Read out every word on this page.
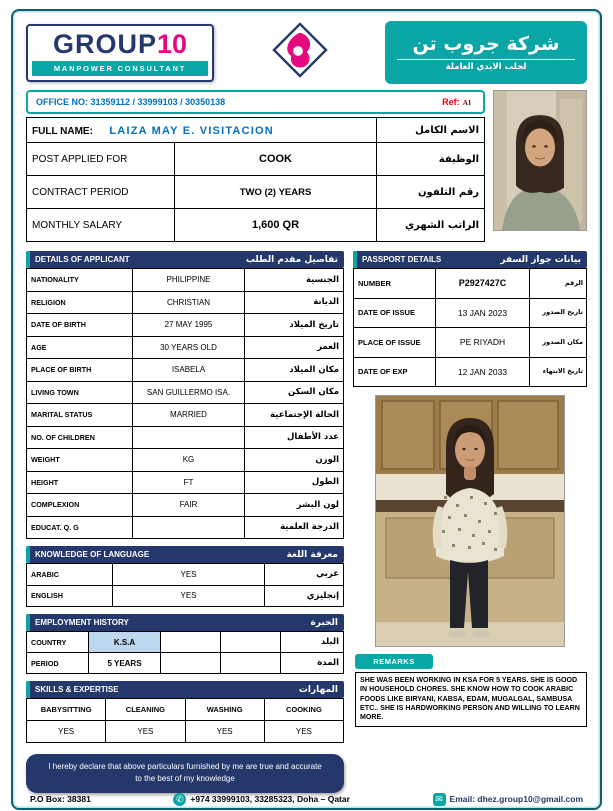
GROUP10
MANPOWER CONSULTANT
شركة جروب تن
لجلب الايدي العاملة
OFFICE NO: 31359112 / 33999103 / 30350138	Ref: AI
FULL NAME: LAIZA MAY E. VISITACION		الاسم الكامل
POST APPLIED FOR	COOK	الوظيفة
CONTRACT PERIOD	TWO (2) YEARS	رقم التلفون
MONTHLY SALARY	1,600 QR	الراتب الشهري
DETAILS OF APPLICANT	تفاصيل مقدم الطلب
NATIONALITY	PHILIPPINE	الجنسية
RELIGION	CHRISTIAN	الديانة
DATE OF BIRTH	27 MAY 1995	تاريخ الميلاد
AGE	30 YEARS OLD	العمر
PLACE OF BIRTH	ISABELA	مكان الميلاد
LIVING TOWN	SAN GUILLERMO ISA.	مكان السكن
MARITAL STATUS	MARRIED	الحالة الإجتماعية
NO. OF CHILDREN		عدد الأطفال
WEIGHT	KG	الوزن
HEIGHT	FT	الطول
COMPLEXION	FAIR	لون البشر
EDUCAT. Q. G		الدرجة العلمية
KNOWLEDGE OF LANGUAGE	معرفة اللغة
ARABIC	YES	عربي
ENGLISH	YES	إنجليزي
EMPLOYMENT HISTORY	الخبرة
COUNTRY	K.S.A			البلد
PERIOD	5 YEARS			المدة
SKILLS & EXPERTISE	المهارات
BABYSITTING	CLEANING	WASHING	COOKING
YES	YES	YES	YES
I hereby declare that above particulars furnished by me are true and accurate to the best of my knowledge
PASSPORT DETAILS	بيانات جواز السفر
NUMBER	P2927427C	الرقم
DATE OF ISSUE	13 JAN 2023	تاريخ الصدور
PLACE OF ISSUE	PE RIYADH	مكان الصدور
DATE OF EXP	12 JAN 2033	تاريخ الانتهاء
REMARKS
SHE WAS BEEN WORKING IN KSA FOR 5 YEARS. SHE IS GOOD IN HOUSEHOLD CHORES. SHE KNOW HOW TO COOK ARABIC FOODS LIKE BIRYANI, KABSA, EDAM, MUGALGAL, SAMBUSA ETC.. SHE IS HARDWORKING PERSON AND WILLING TO LEARN MORE.
P.O Box: 38381	✆ +974 33999103, 33285323, Doha – Qatar	✉ Email: dhez.group10@gmail.com
